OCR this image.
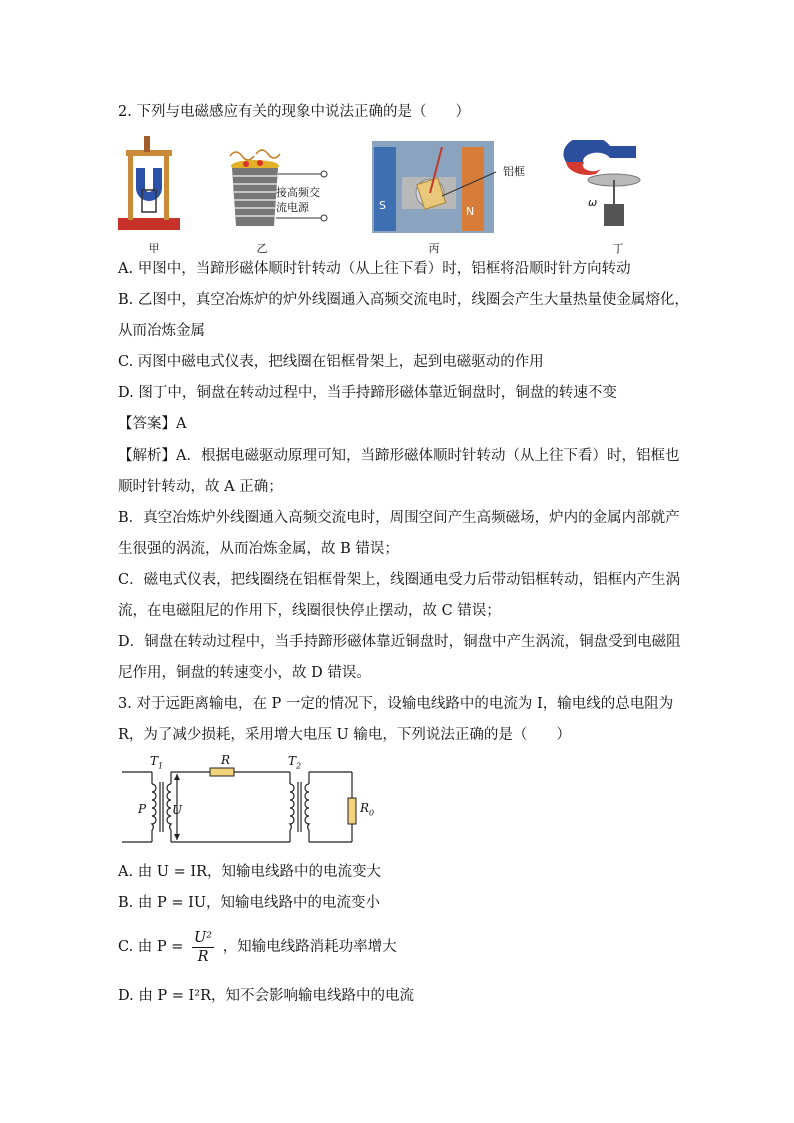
2. 下列与电磁感应有关的现象中说法正确的是（　　）
甲
接高频交
流电源
乙
S	N
铝框
丙
ω
丁
A. 甲图中，当蹄形磁体顺时针转动（从上往下看）时，铝框将沿顺时针方向转动
B. 乙图中，真空冶炼炉的炉外线圈通入高频交流电时，线圈会产生大量热量使金属熔化，
从而冶炼金属
C. 丙图中磁电式仪表，把线圈在铝框骨架上，起到电磁驱动的作用
D. 图丁中，铜盘在转动过程中，当手持蹄形磁体靠近铜盘时，铜盘的转速不变
【答案】A
【解析】A．根据电磁驱动原理可知，当蹄形磁体顺时针转动（从上往下看）时，铝框也
顺时针转动，故 A 正确；
B．真空冶炼炉外线圈通入高频交流电时，周围空间产生高频磁场，炉内的金属内部就产
生很强的涡流，从而冶炼金属，故 B 错误；
C．磁电式仪表，把线圈绕在铝框骨架上，线圈通电受力后带动铝框转动，铝框内产生涡
流，在电磁阻尼的作用下，线圈很快停止摆动，故 C 错误；
D．铜盘在转动过程中，当手持蹄形磁体靠近铜盘时，铜盘中产生涡流，铜盘受到电磁阻
尼作用，铜盘的转速变小，故 D 错误。
3. 对于远距离输电，在 P 一定的情况下，设输电线路中的电流为 I，输电线的总电阻为
R，为了减少损耗，采用增大电压 U 输电，下列说法正确的是（　　）
$T_1$	R	$T_2$
P U	$R_0$
A. 由 U = IR，知输电线路中的电流变大
B. 由 P = IU，知输电线路中的电流变小
C. 由 $P = \frac{\text{U²}}{R}$ ，知输电线路消耗功率增大
D. 由 P = I²R，知不会影响输电线路中的电流
